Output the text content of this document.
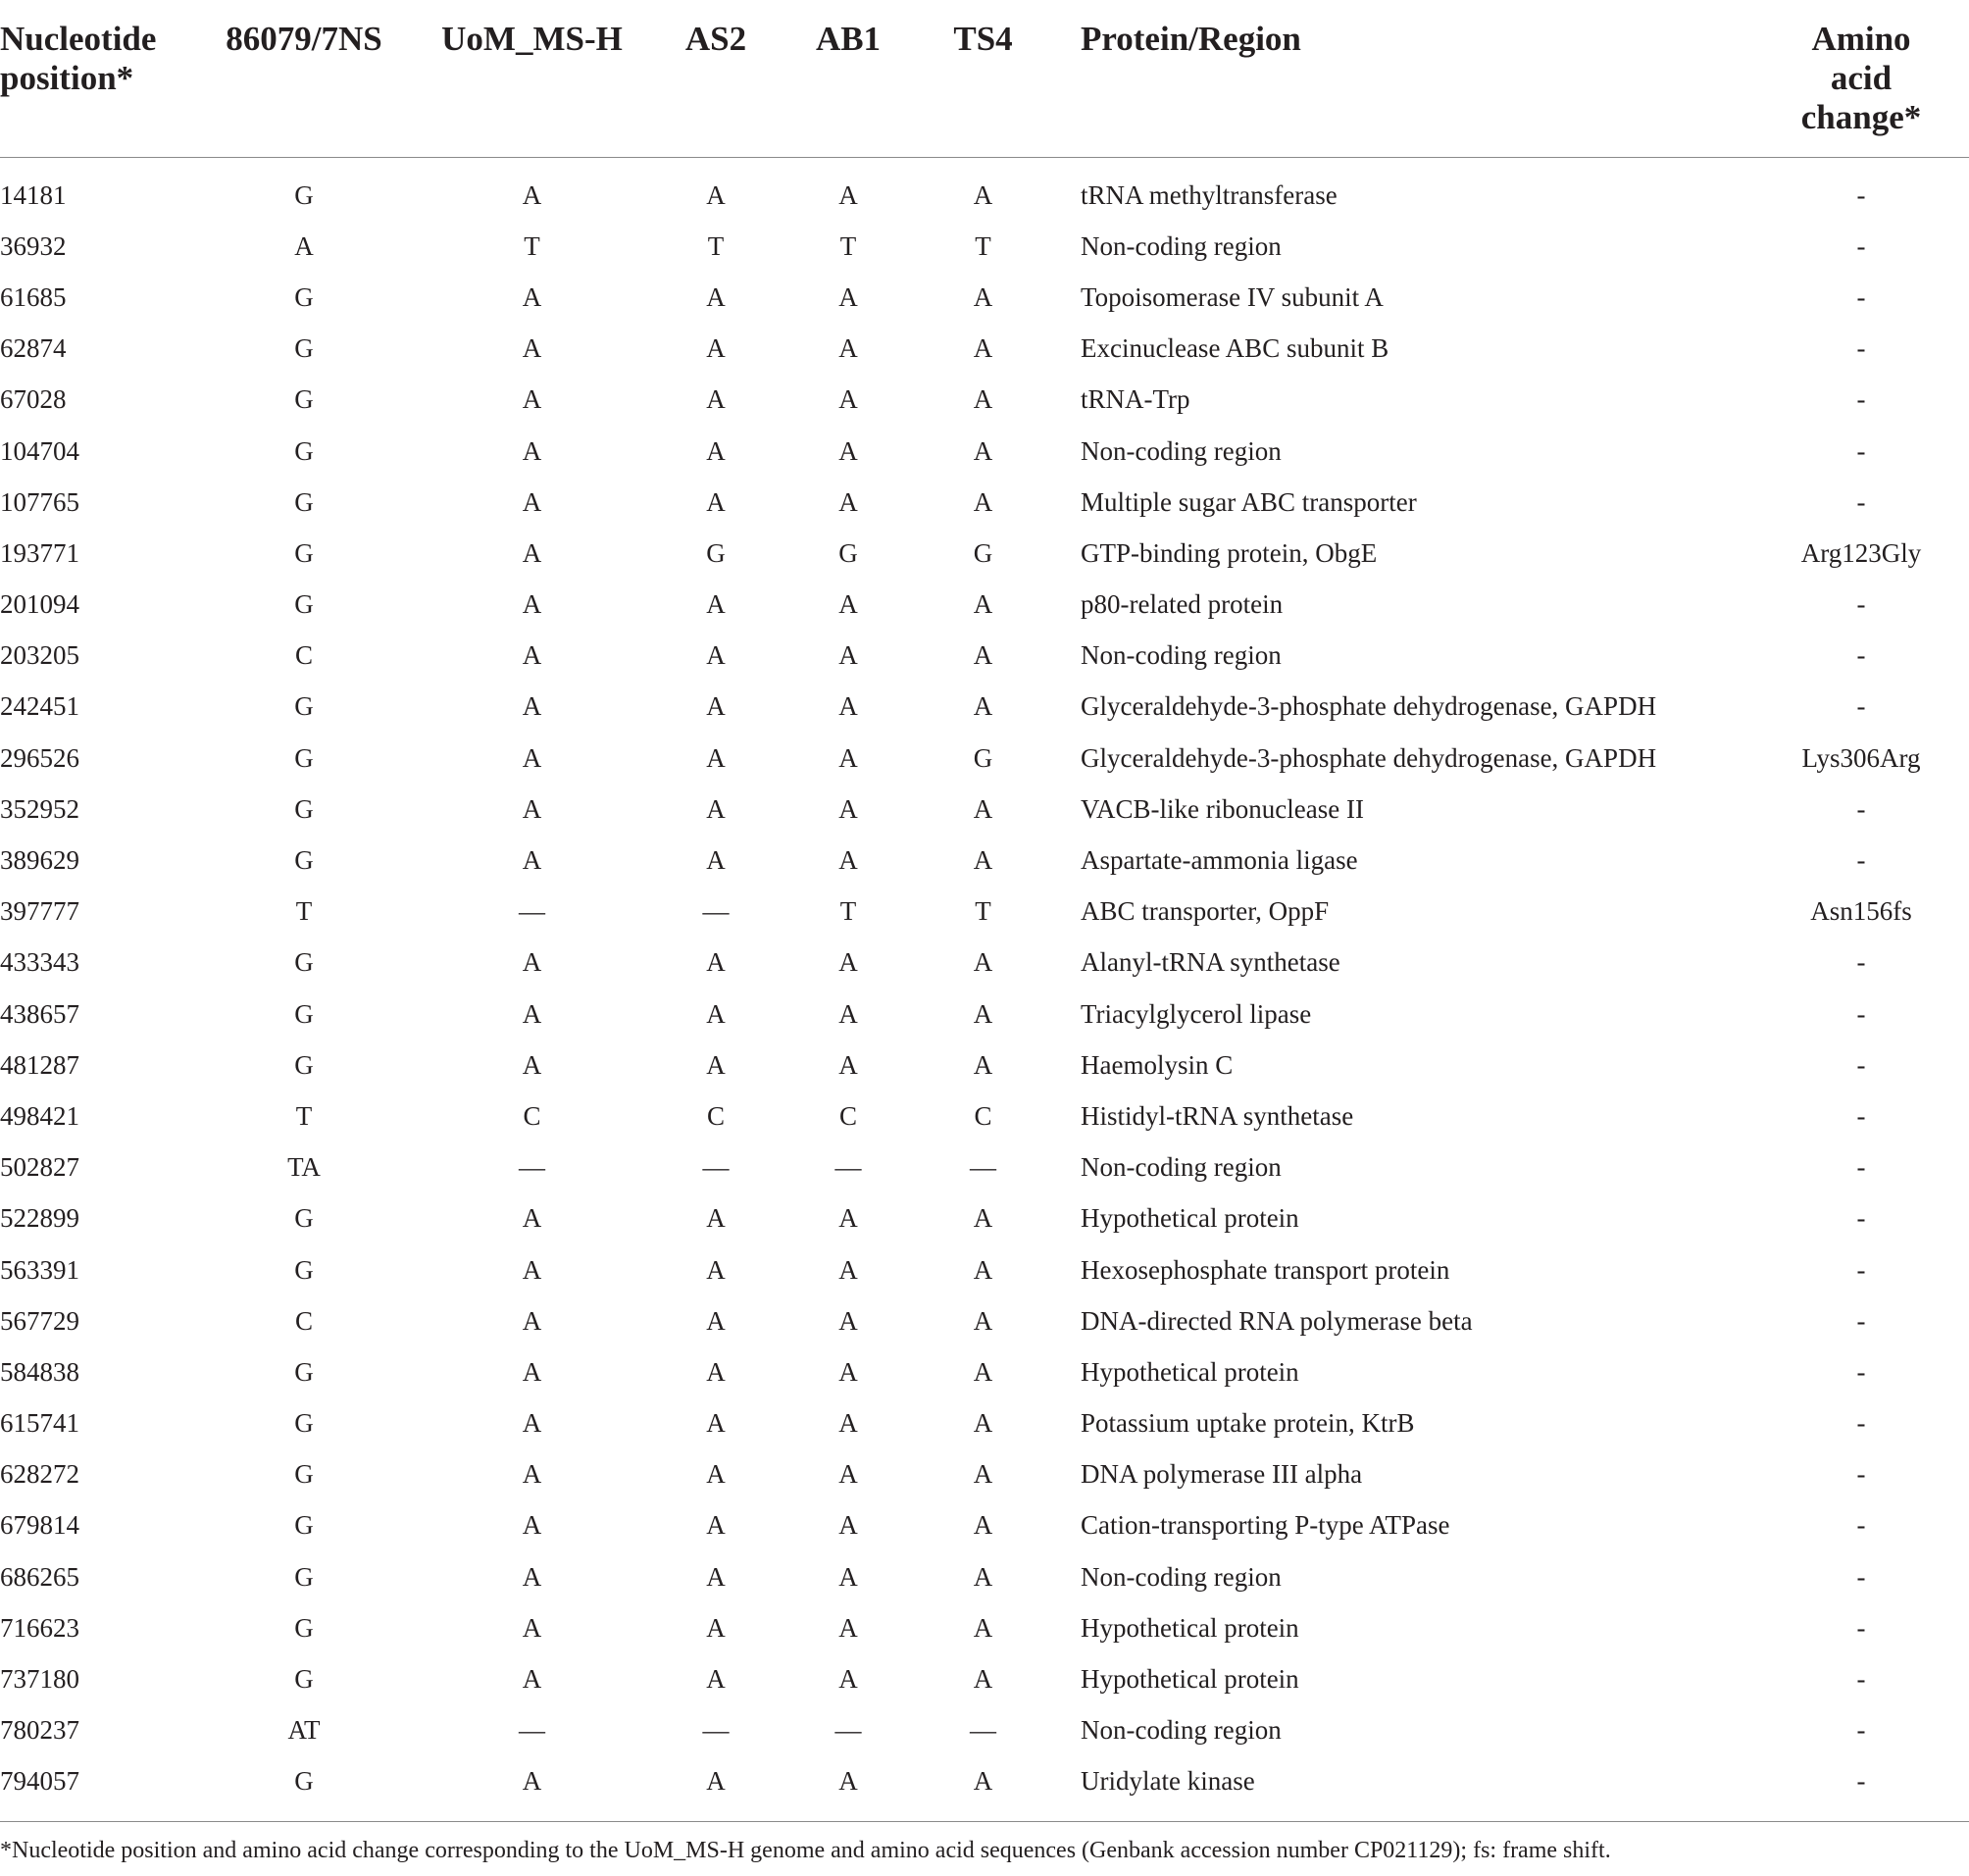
Nucleotide position*	86079/7NS	UoM_MS-H	AS2	AB1	TS4	Protein/Region	Amino acid change*
14181	G	A	A	A	A	tRNA methyltransferase	-
36932	A	T	T	T	T	Non-coding region	-
61685	G	A	A	A	A	Topoisomerase IV subunit A	-
62874	G	A	A	A	A	Excinuclease ABC subunit B	-
67028	G	A	A	A	A	tRNA-Trp	-
104704	G	A	A	A	A	Non-coding region	-
107765	G	A	A	A	A	Multiple sugar ABC transporter	-
193771	G	A	G	G	G	GTP-binding protein, ObgE	Arg123Gly
201094	G	A	A	A	A	p80-related protein	-
203205	C	A	A	A	A	Non-coding region	-
242451	G	A	A	A	A	Glyceraldehyde-3-phosphate dehydrogenase, GAPDH	-
296526	G	A	A	A	G	Glyceraldehyde-3-phosphate dehydrogenase, GAPDH	Lys306Arg
352952	G	A	A	A	A	VACB-like ribonuclease II	-
389629	G	A	A	A	A	Aspartate-ammonia ligase	-
397777	T	—	—	T	T	ABC transporter, OppF	Asn156fs
433343	G	A	A	A	A	Alanyl-tRNA synthetase	-
438657	G	A	A	A	A	Triacylglycerol lipase	-
481287	G	A	A	A	A	Haemolysin C	-
498421	T	C	C	C	C	Histidyl-tRNA synthetase	-
502827	TA	—	—	—	—	Non-coding region	-
522899	G	A	A	A	A	Hypothetical protein	-
563391	G	A	A	A	A	Hexosephosphate transport protein	-
567729	C	A	A	A	A	DNA-directed RNA polymerase beta	-
584838	G	A	A	A	A	Hypothetical protein	-
615741	G	A	A	A	A	Potassium uptake protein, KtrB	-
628272	G	A	A	A	A	DNA polymerase III alpha	-
679814	G	A	A	A	A	Cation-transporting P-type ATPase	-
686265	G	A	A	A	A	Non-coding region	-
716623	G	A	A	A	A	Hypothetical protein	-
737180	G	A	A	A	A	Hypothetical protein	-
780237	AT	—	—	—	—	Non-coding region	-
794057	G	A	A	A	A	Uridylate kinase	-
*Nucleotide position and amino acid change corresponding to the UoM_MS-H genome and amino acid sequences (Genbank accession number CP021129); fs: frame shift.
